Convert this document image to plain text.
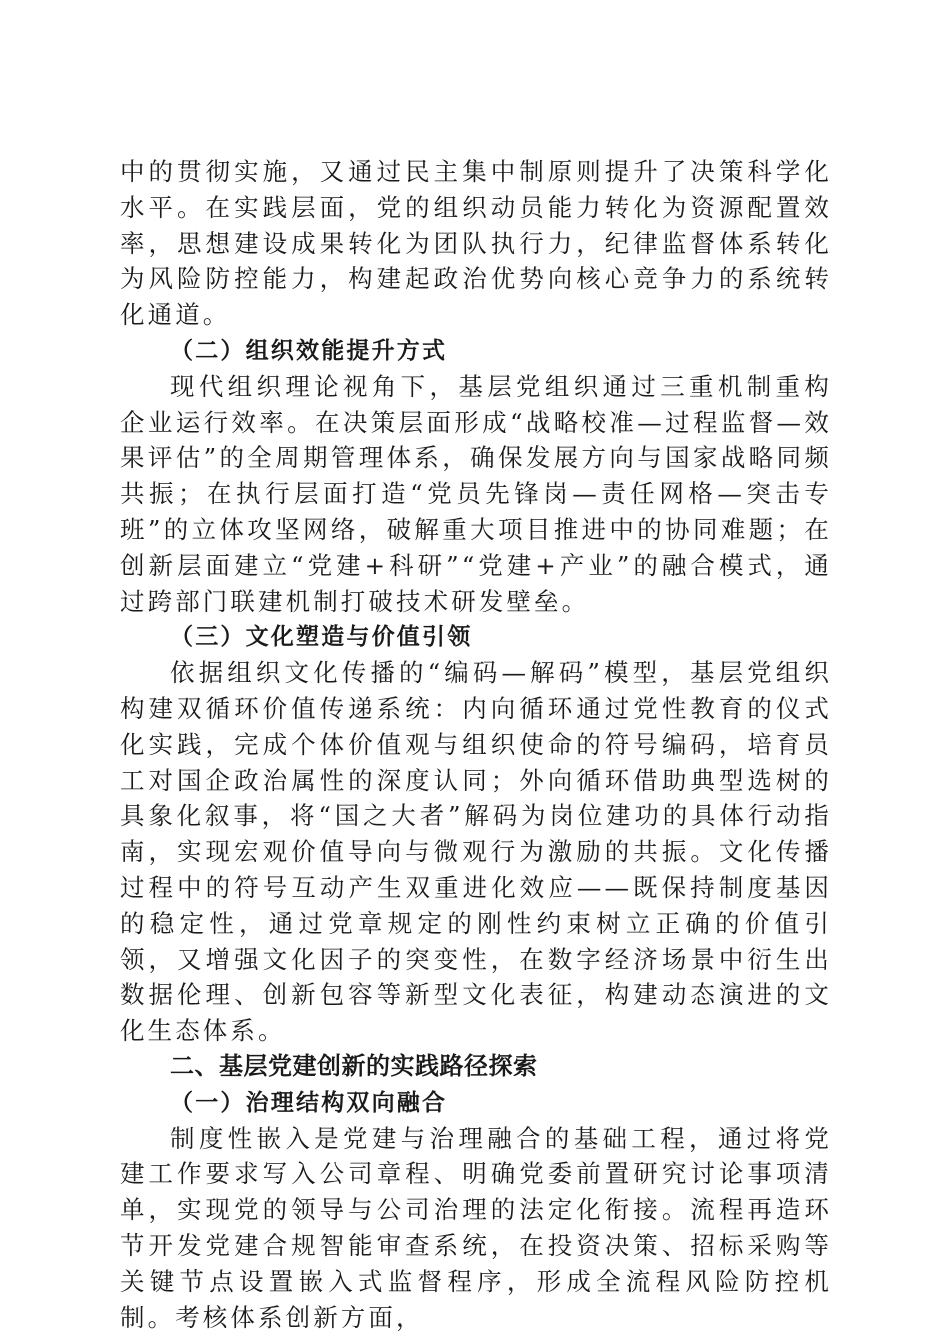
中的贯彻实施，又通过民主集中制原则提升了决策科学化水平。在实践层面，党的组织动员能力转化为资源配置效率，思想建设成果转化为团队执行力，纪律监督体系转化为风险防控能力，构建起政治优势向核心竞争力的系统转化通道。

（二）组织效能提升方式

现代组织理论视角下，基层党组织通过三重机制重构企业运行效率。在决策层面形成“战略校准—过程监督—效果评估”的全周期管理体系，确保发展方向与国家战略同频共振；在执行层面打造“党员先锋岗—责任网格—突击专班”的立体攻坚网络，破解重大项目推进中的协同难题；在创新层面建立“党建+科研”“党建+产业”的融合模式，通过跨部门联建机制打破技术研发壁垒。

（三）文化塑造与价值引领

依据组织文化传播的“编码—解码”模型，基层党组织构建双循环价值传递系统：内向循环通过党性教育的仪式化实践，完成个体价值观与组织使命的符号编码，培育员工对国企政治属性的深度认同；外向循环借助典型选树的具象化叙事，将“国之大者”解码为岗位建功的具体行动指南，实现宏观价值导向与微观行为激励的共振。文化传播过程中的符号互动产生双重进化效应——既保持制度基因的稳定性，通过党章规定的刚性约束树立正确的价值引领，又增强文化因子的突变性，在数字经济场景中衍生出数据伦理、创新包容等新型文化表征，构建动态演进的文化生态体系。

二、基层党建创新的实践路径探索

（一）治理结构双向融合

制度性嵌入是党建与治理融合的基础工程，通过将党建工作要求写入公司章程、明确党委前置研究讨论事项清单，实现党的领导与公司治理的法定化衔接。流程再造环节开发党建合规智能审查系统，在投资决策、招标采购等关键节点设置嵌入式监督程序，形成全流程风险防控机制。考核体系创新方面，
